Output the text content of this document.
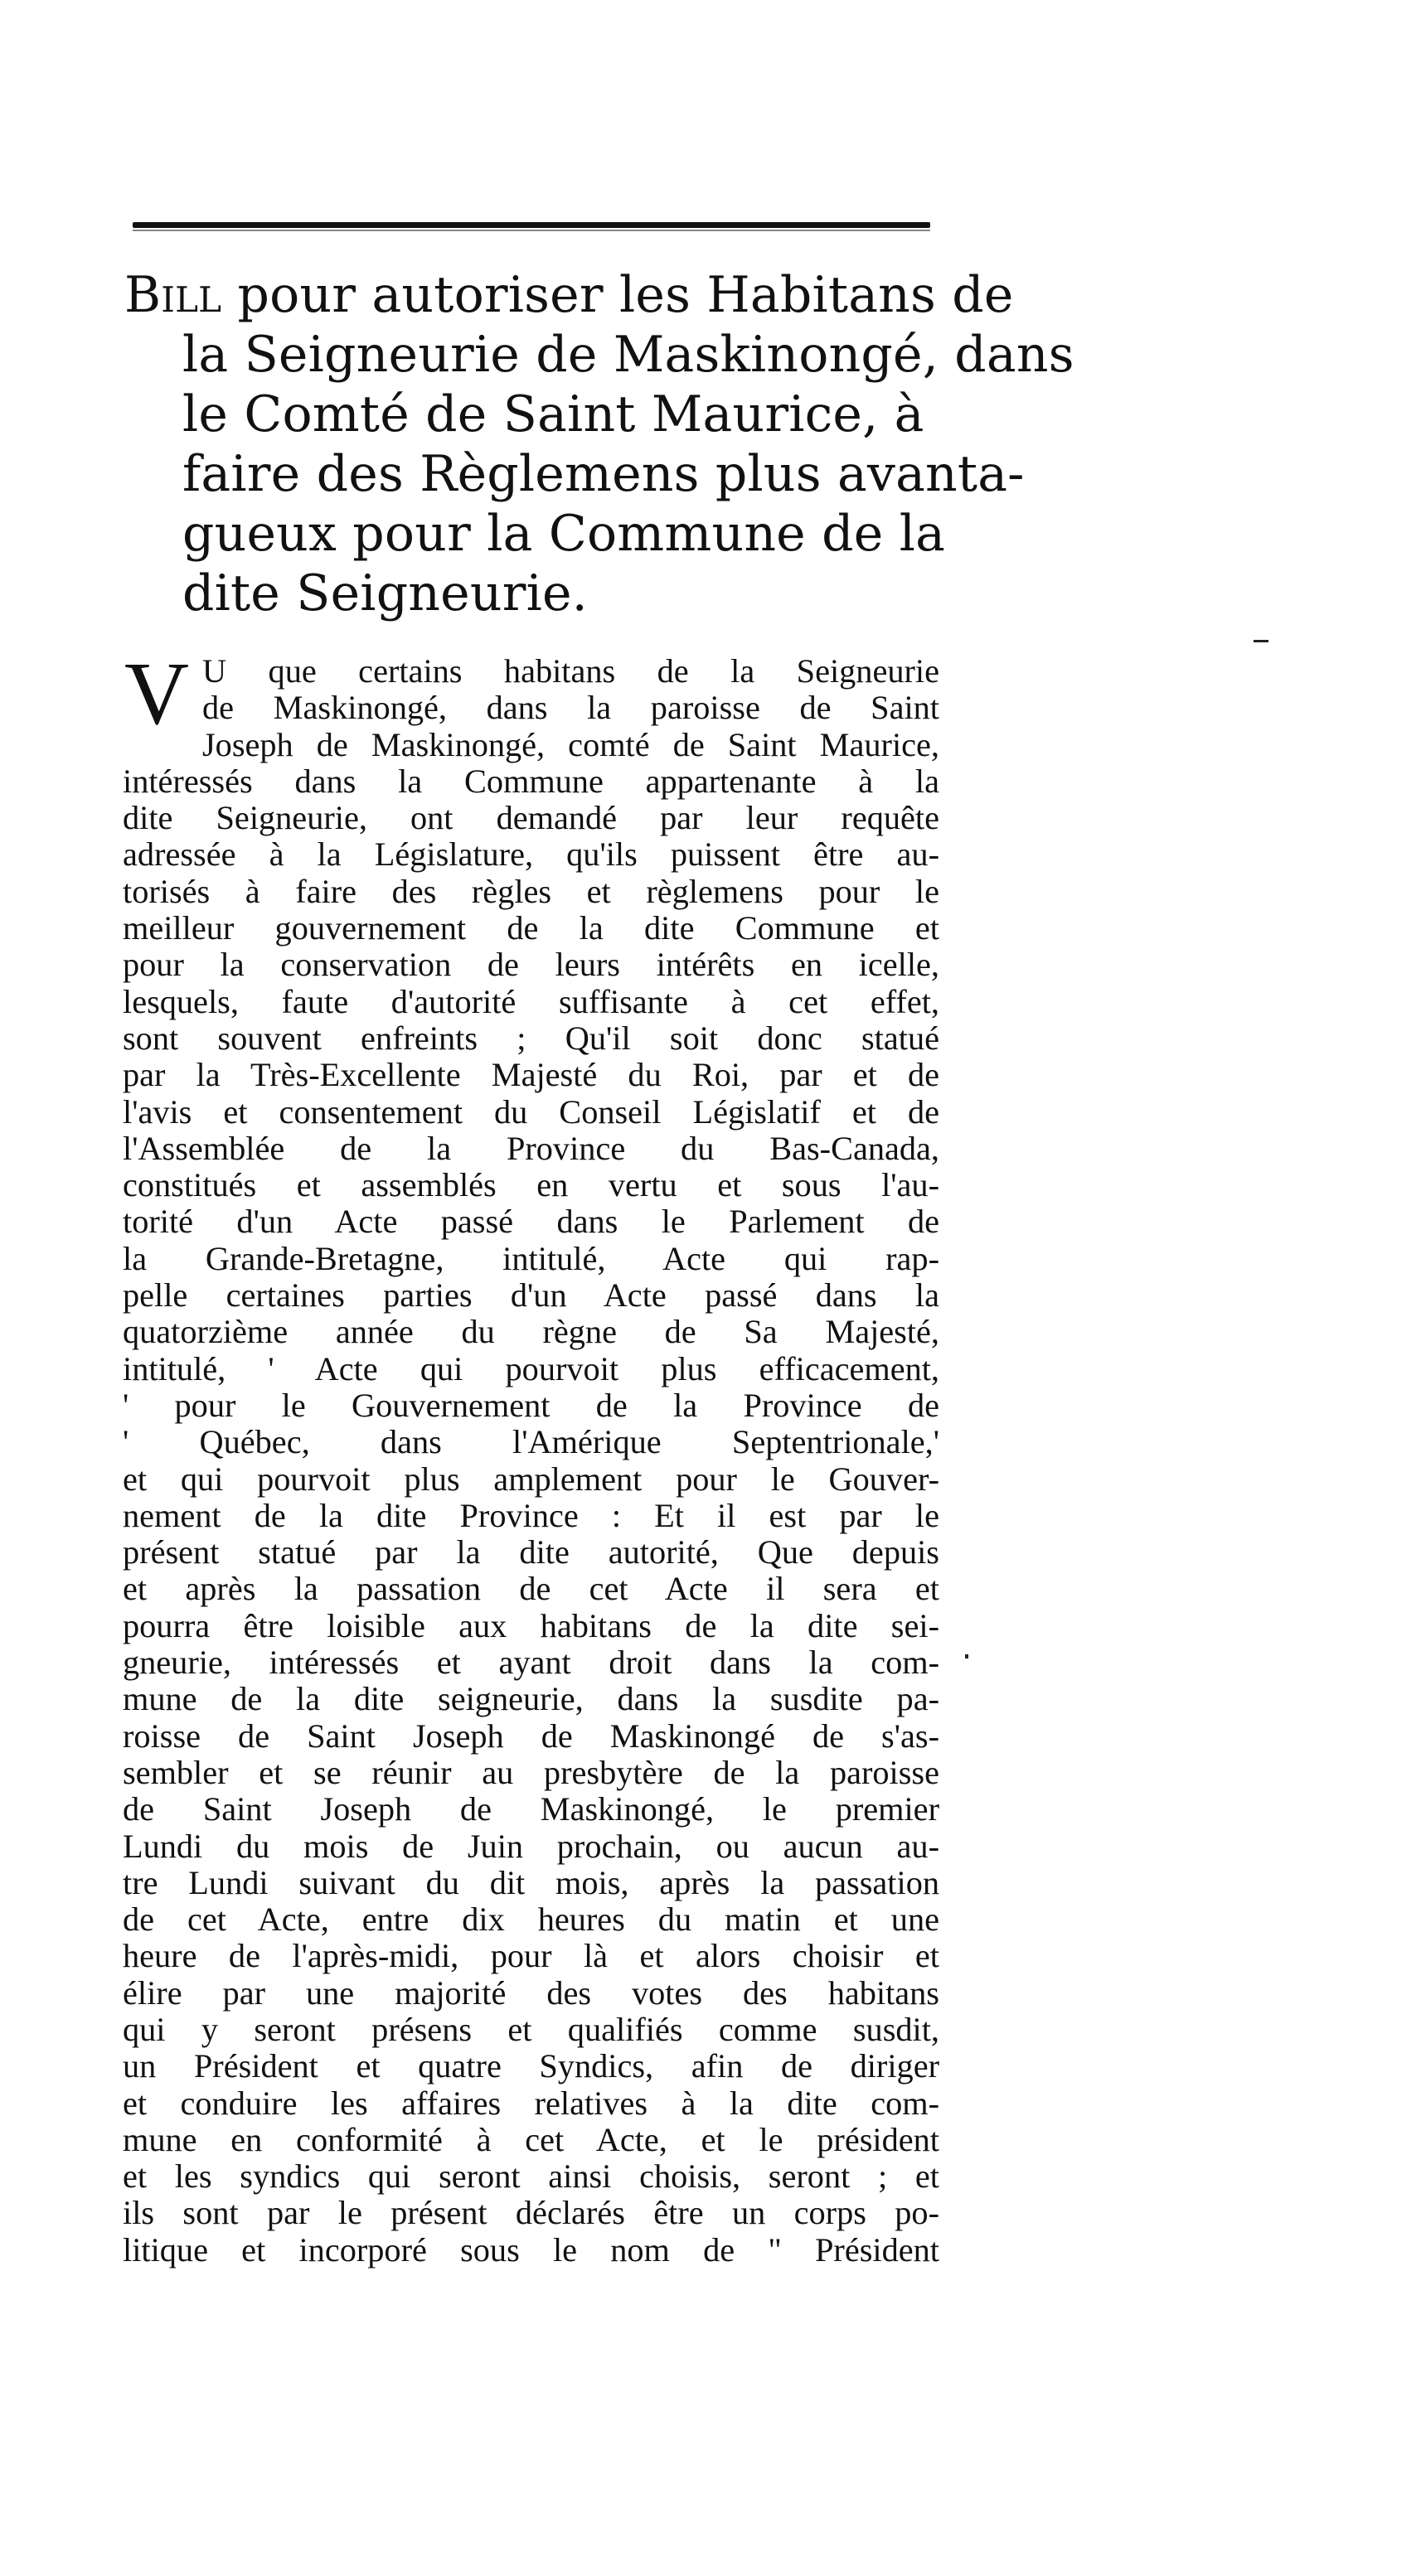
Bill pour autoriser les Habitans de
la Seigneurie de Maskinongé, dans
le Comté de Saint Maurice, à
faire des Règlemens plus avanta-
gueux pour la Commune de la
dite Seigneurie.
V U que certains habitans de la Seigneurie
de Maskinongé, dans la paroisse de Saint
Joseph de Maskinongé, comté de Saint Maurice,
intéressés dans la Commune appartenante à la
dite Seigneurie, ont demandé par leur requête
adressée à la Législature, qu'ils puissent être au-
torisés à faire des règles et règlemens pour le
meilleur gouvernement de la dite Commune et
pour la conservation de leurs intérêts en icelle,
lesquels, faute d'autorité suffisante à cet effet,
sont souvent enfreints ; Qu'il soit donc statué
par la Très-Excellente Majesté du Roi, par et de
l'avis et consentement du Conseil Législatif et de
l'Assemblée de la Province du Bas-Canada,
constitués et assemblés en vertu et sous l'au-
torité d'un Acte passé dans le Parlement de
la Grande-Bretagne, intitulé, Acte qui rap-
pelle certaines parties d'un Acte passé dans la
quatorzième année du règne de Sa Majesté,
intitulé, ' Acte qui pourvoit plus efficacement,
' pour le Gouvernement de la Province de
' Québec, dans l'Amérique Septentrionale,'
et qui pourvoit plus amplement pour le Gouver-
nement de la dite Province : Et il est par le
présent statué par la dite autorité, Que depuis
et après la passation de cet Acte il sera et
pourra être loisible aux habitans de la dite sei-
gneurie, intéressés et ayant droit dans la com-
mune de la dite seigneurie, dans la susdite pa-
roisse de Saint Joseph de Maskinongé de s'as-
sembler et se réunir au presbytère de la paroisse
de Saint Joseph de Maskinongé, le premier
Lundi du mois de Juin prochain, ou aucun au-
tre Lundi suivant du dit mois, après la passation
de cet Acte, entre dix heures du matin et une
heure de l'après-midi, pour là et alors choisir et
élire par une majorité des votes des habitans
qui y seront présens et qualifiés comme susdit,
un Président et quatre Syndics, afin de diriger
et conduire les affaires relatives à la dite com-
mune en conformité à cet Acte, et le président
et les syndics qui seront ainsi choisis, seront ; et
ils sont par le présent déclarés être un corps po-
litique et incorporé sous le nom de " Président
